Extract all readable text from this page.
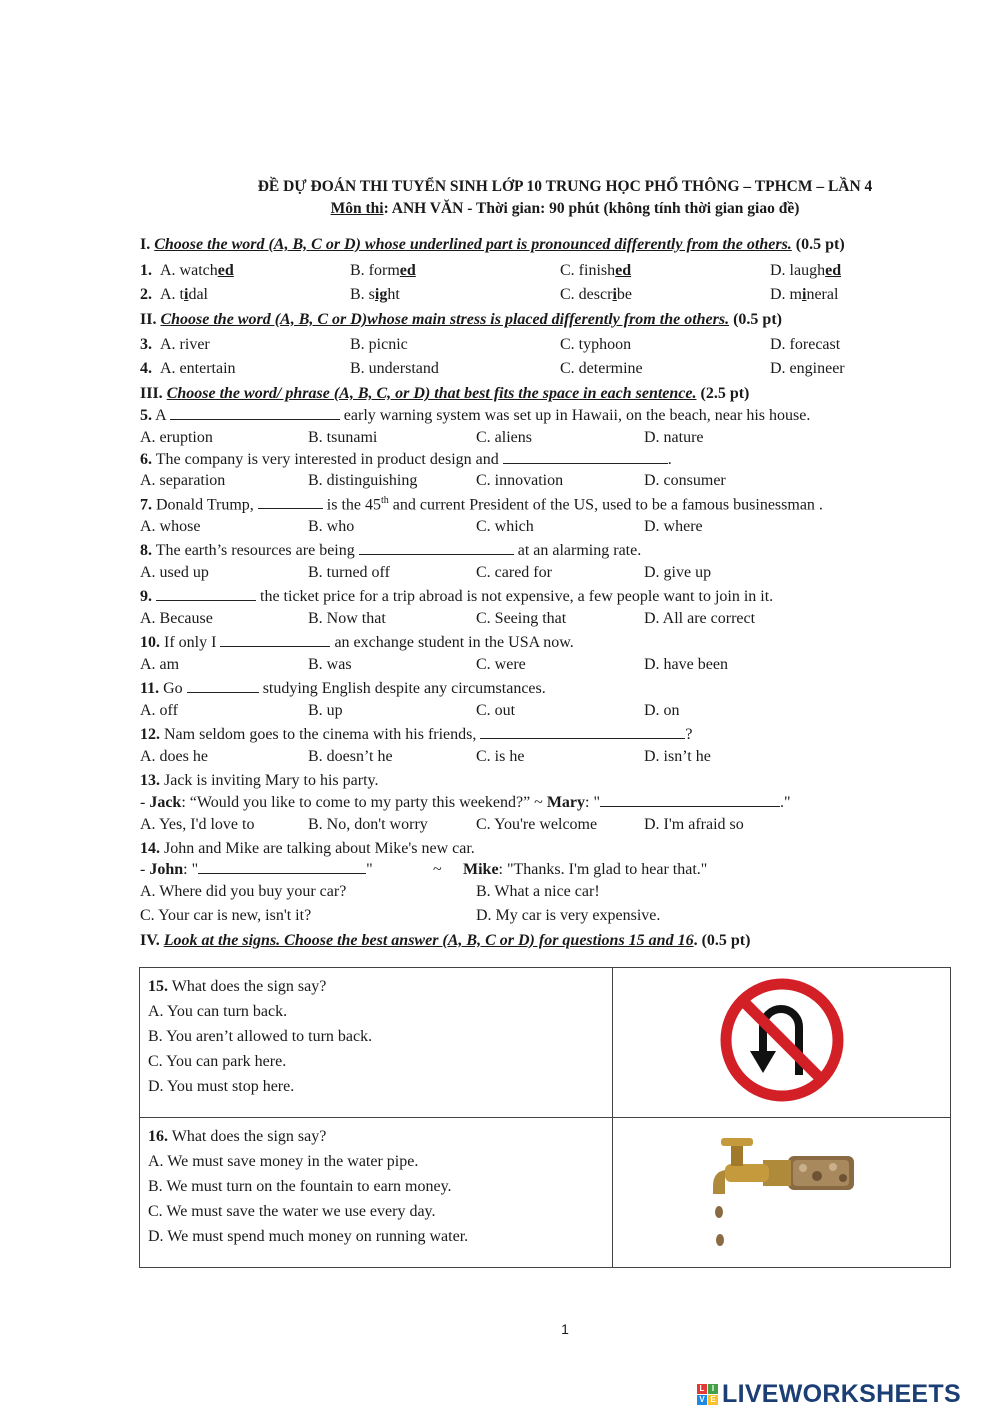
ĐỀ DỰ ĐOÁN THI TUYỂN SINH LỚP 10 TRUNG HỌC PHỔ THÔNG – TPHCM – LẦN 4
Môn thi: ANH VĂN - Thời gian: 90 phút (không tính thời gian giao đề)
I. Choose the word (A, B, C or D) whose underlined part is pronounced differently from the others. (0.5 pt)
1. A. watched	B. formed	C. finished	D. laughed
2. A. tidal	B. sight	C. describe	D. mineral
II. Choose the word (A, B, C or D)whose main stress is placed differently from the others. (0.5 pt)
3. A. river	B. picnic	C. typhoon	D. forecast
4. A. entertain	B. understand	C. determine	D. engineer
III. Choose the word/ phrase (A, B, C, or D) that best fits the space in each sentence. (2.5 pt)
5. A	early warning system was set up in Hawaii, on the beach, near his house.
A. eruption	B. tsunami	C. aliens	D. nature
6. The company is very interested in product design and	.
A. separation	B. distinguishing	C. innovation	D. consumer
7. Donald Trump,	is the 45th and current President of the US, used to be a famous businessman .
A. whose	B. who	C. which	D. where
8. The earth’s resources are being	at an alarming rate.
A. used up	B. turned off	C. cared for	D. give up
9.	the ticket price for a trip abroad is not expensive, a few people want to join in it.
A. Because	B. Now that	C. Seeing that	D. All are correct
10. If only I	an exchange student in the USA now.
A. am	B. was	C. were	D. have been
11. Go	studying English despite any circumstances.
A. off	B. up	C. out	D. on
12. Nam seldom goes to the cinema with his friends,	?
A. does he	B. doesn’t he	C. is he	D. isn’t he
13. Jack is inviting Mary to his party.
- Jack: “Would you like to come to my party this weekend?” ~ Mary: "	."
A. Yes, I'd love to	B. No, don't worry	C. You're welcome	D. I'm afraid so
14. John and Mike are talking about Mike's new car.
- John: "	"	~ Mike: "Thanks. I'm glad to hear that."
A. Where did you buy your car?	B. What a nice car!
C. Your car is new, isn't it?	D. My car is very expensive.
IV. Look at the signs. Choose the best answer (A, B, C or D) for questions 15 and 16. (0.5 pt)
15. What does the sign say?
A. You can turn back.
B. You aren’t allowed to turn back.
C. You can park here.
D. You must stop here.

16. What does the sign say?
A. We must save money in the water pipe.
B. We must turn on the fountain to earn money.
C. We must save the water we use every day.
D. We must spend much money on running water.

1
L I
V E LIVEWORKSHEETS
